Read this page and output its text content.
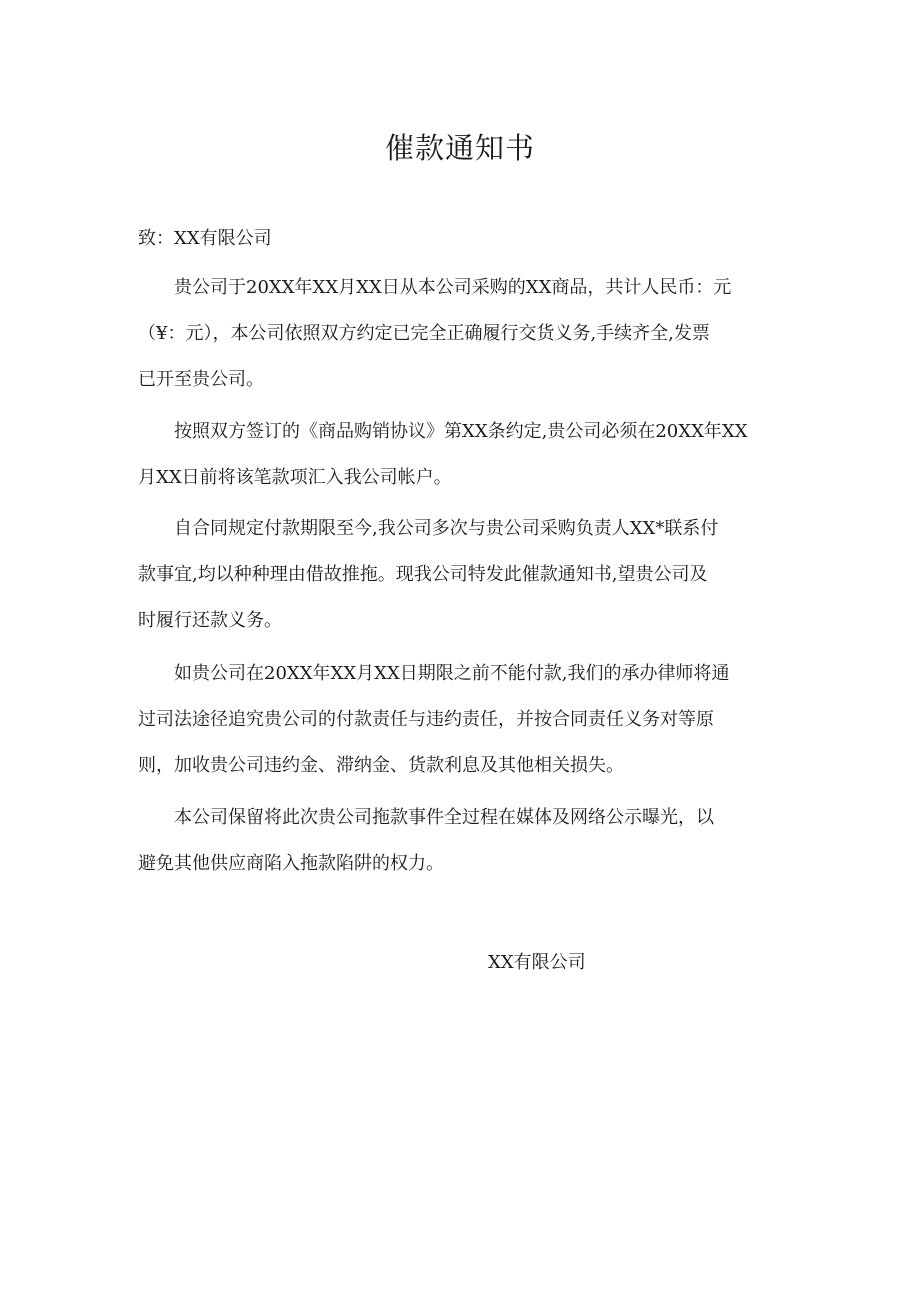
催款通知书
致：XX有限公司
贵公司于20XX年XX月XX日从本公司采购的XX商品，共计人民币：元
（¥：元），本公司依照双方约定已完全正确履行交货义务,手续齐全,发票
已开至贵公司。
按照双方签订的《商品购销协议》第XX条约定,贵公司必须在20XX年XX
月XX日前将该笔款项汇入我公司帐户。
自合同规定付款期限至今,我公司多次与贵公司采购负责人XX*联系付
款事宜,均以种种理由借故推拖。现我公司特发此催款通知书,望贵公司及
时履行还款义务。
如贵公司在20XX年XX月XX日期限之前不能付款,我们的承办律师将通
过司法途径追究贵公司的付款责任与违约责任，并按合同责任义务对等原
则，加收贵公司违约金、滞纳金、货款利息及其他相关损失。
本公司保留将此次贵公司拖款事件全过程在媒体及网络公示曝光，以
避免其他供应商陷入拖款陷阱的权力。
XX有限公司
